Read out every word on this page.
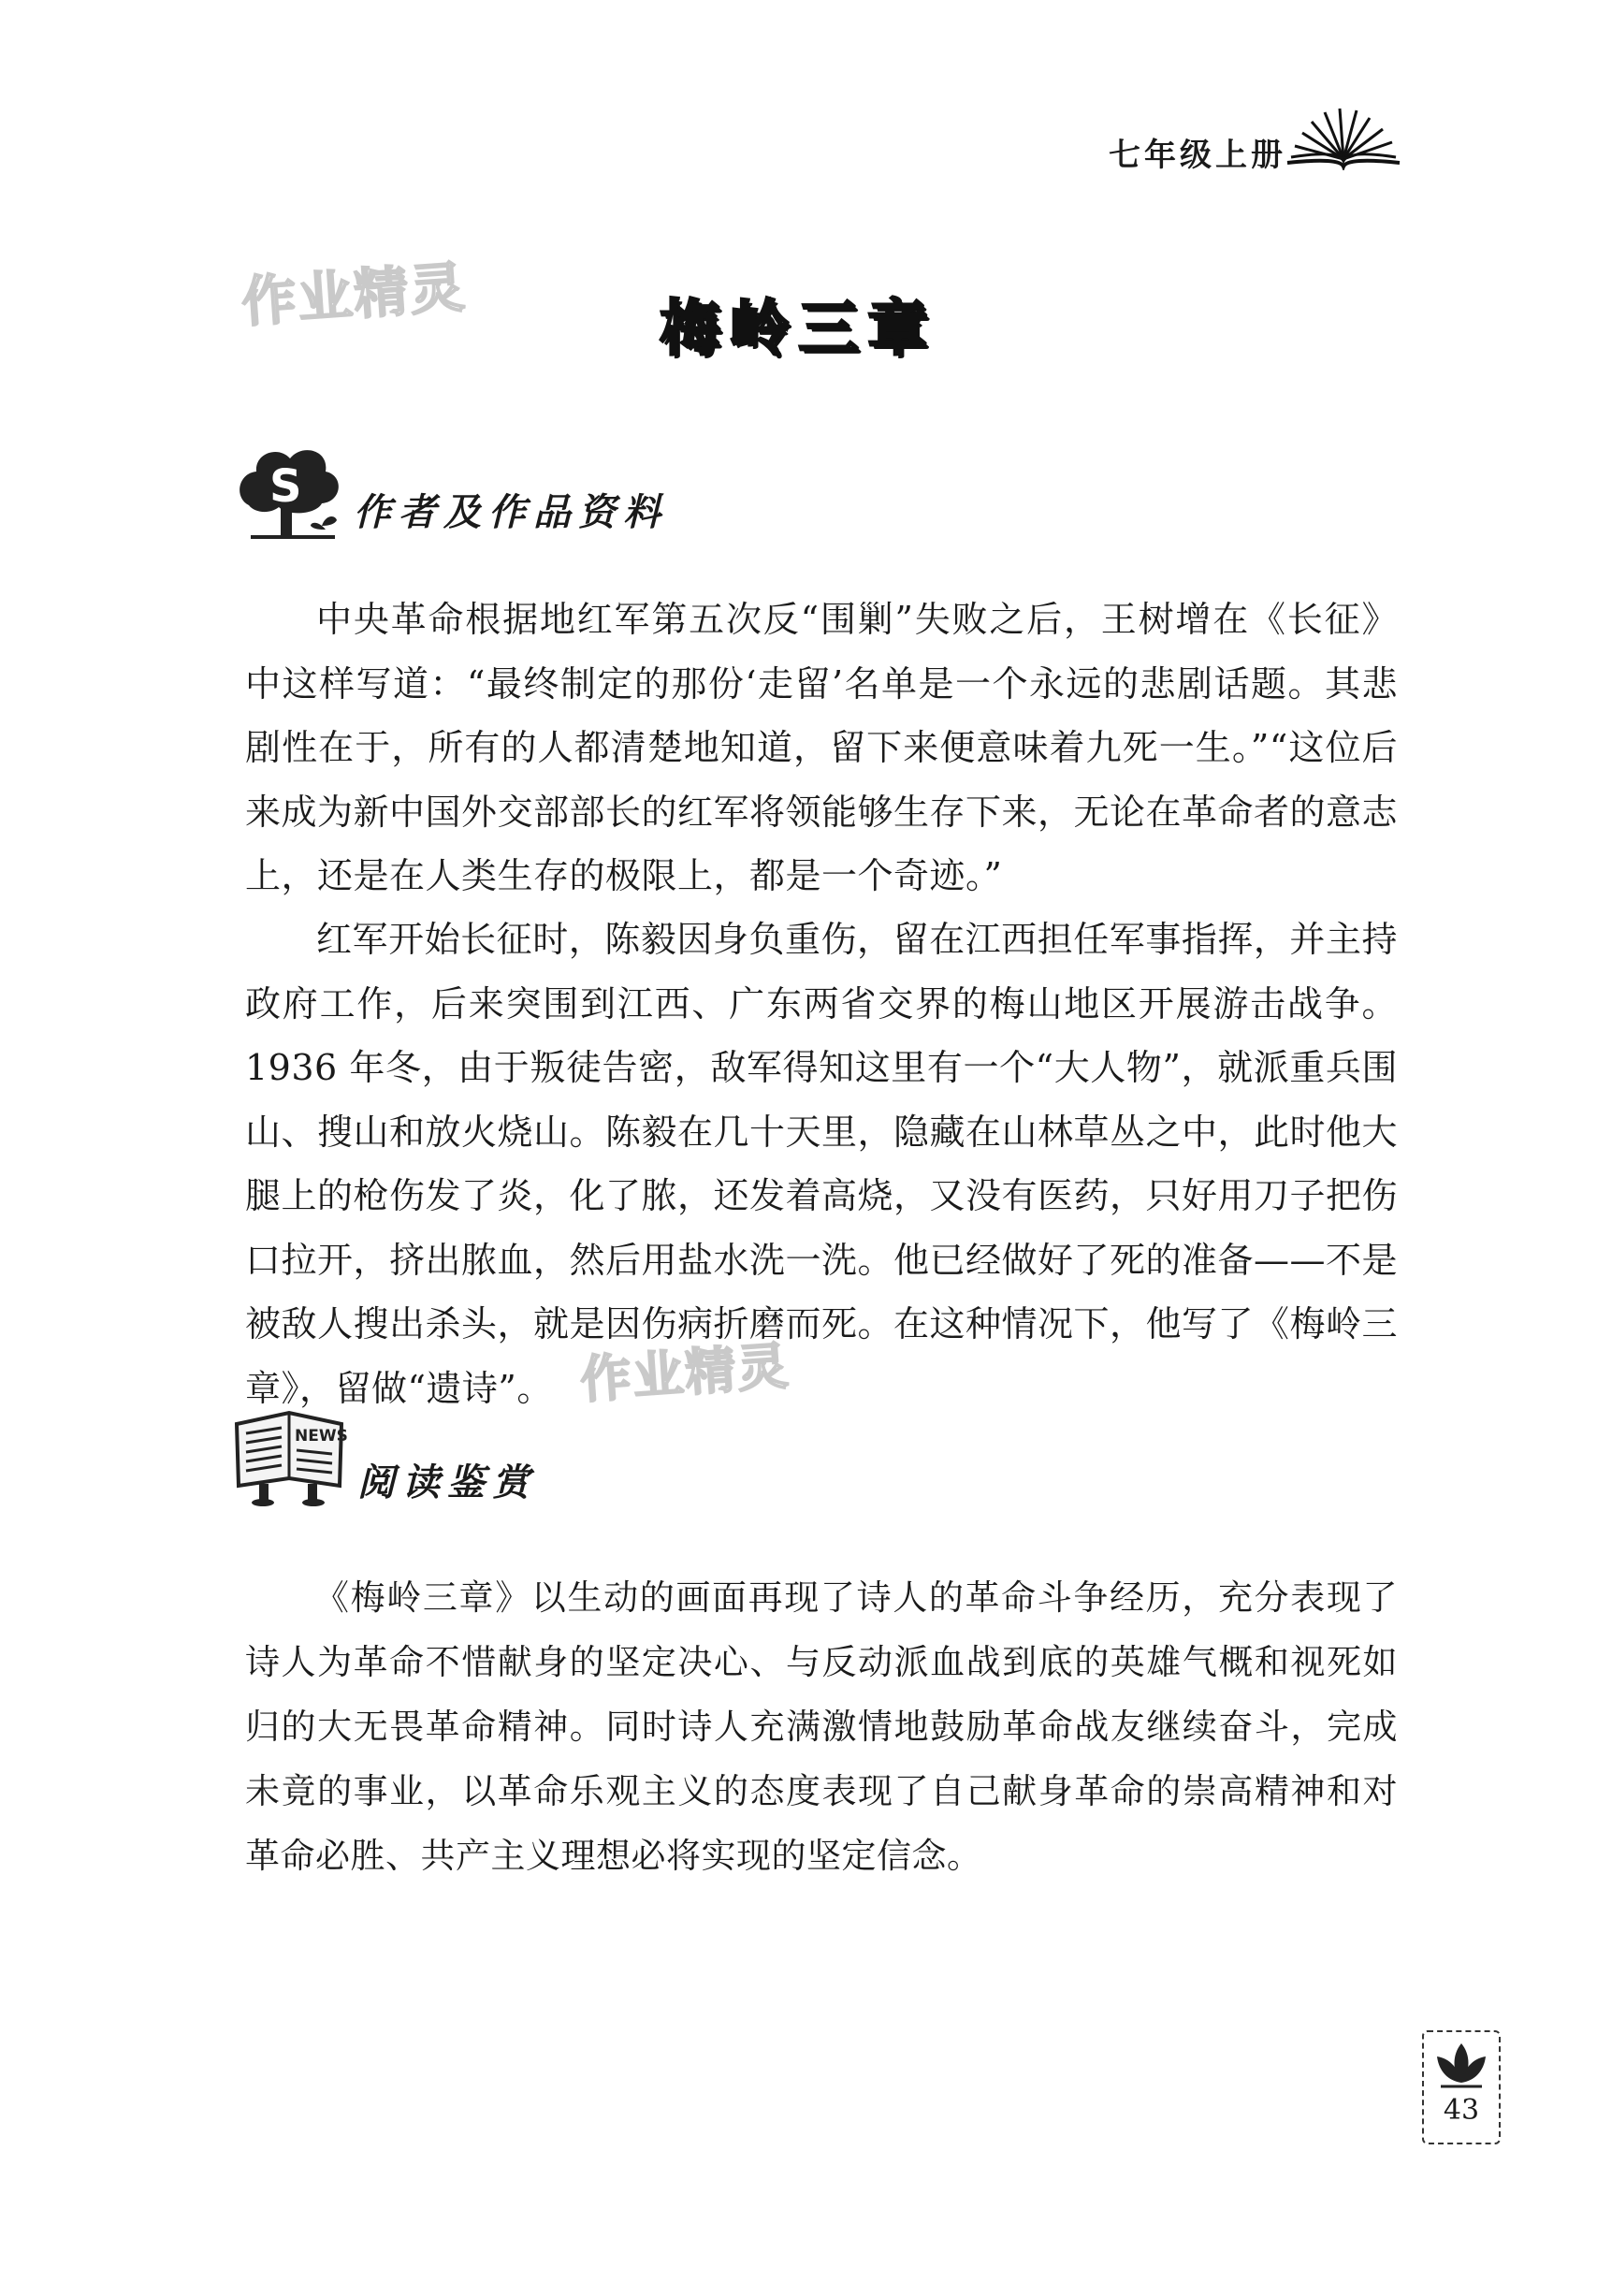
七年级上册
作业精灵
作业精灵
梅岭三章
S 作者及作品资料
中央革命根据地红军第五次反“围剿”失败之后，王树增在《长征》中这样写道：“最终制定的那份‘走留’名单是一个永远的悲剧话题。其悲剧性在于，所有的人都清楚地知道，留下来便意味着九死一生。”“这位后来成为新中国外交部部长的红军将领能够生存下来，无论在革命者的意志上，还是在人类生存的极限上，都是一个奇迹。”
红军开始长征时，陈毅因身负重伤，留在江西担任军事指挥，并主持政府工作，后来突围到江西、广东两省交界的梅山地区开展游击战争。1936 年冬，由于叛徒告密，敌军得知这里有一个“大人物”，就派重兵围山、搜山和放火烧山。陈毅在几十天里，隐藏在山林草丛之中，此时他大腿上的枪伤发了炎，化了脓，还发着高烧，又没有医药，只好用刀子把伤口拉开，挤出脓血，然后用盐水洗一洗。他已经做好了死的准备——不是被敌人搜出杀头，就是因伤病折磨而死。在这种情况下，他写了《梅岭三章》，留做“遗诗”。
NEWS
阅读鉴赏
《梅岭三章》以生动的画面再现了诗人的革命斗争经历，充分表现了诗人为革命不惜献身的坚定决心、与反动派血战到底的英雄气概和视死如归的大无畏革命精神。同时诗人充满激情地鼓励革命战友继续奋斗，完成未竟的事业，以革命乐观主义的态度表现了自己献身革命的崇高精神和对革命必胜、共产主义理想必将实现的坚定信念。
43
